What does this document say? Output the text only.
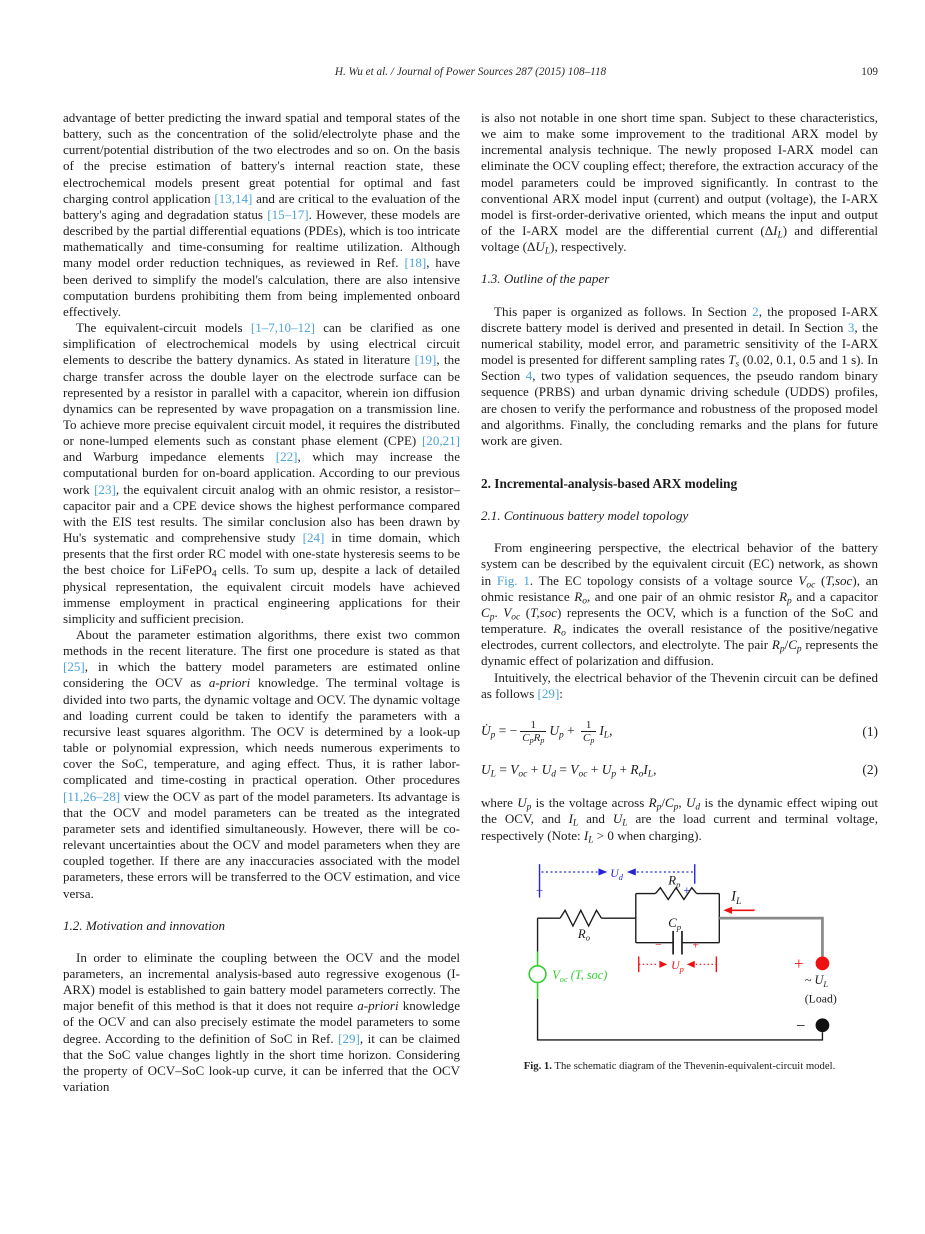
H. Wu et al. / Journal of Power Sources 287 (2015) 108–118	109

advantage of better predicting the inward spatial and temporal states of the battery, such as the concentration of the solid/electrolyte phase and the current/potential distribution of the two electrodes and so on. On the basis of the precise estimation of battery's internal reaction state, these electrochemical models present great potential for optimal and fast charging control application [13,14] and are critical to the evaluation of the battery's aging and degradation status [15–17]. However, these models are described by the partial differential equations (PDEs), which is too intricate mathematically and time-consuming for realtime utilization. Although many model order reduction techniques, as reviewed in Ref. [18], have been derived to simplify the model's calculation, there are also intensive computation burdens prohibiting them from being implemented onboard effectively.

The equivalent-circuit models [1–7,10–12] can be clarified as one simplification of electrochemical models by using electrical circuit elements to describe the battery dynamics. As stated in literature [19], the charge transfer across the double layer on the electrode surface can be represented by a resistor in parallel with a capacitor, wherein ion diffusion dynamics can be represented by wave propagation on a transmission line. To achieve more precise equivalent circuit model, it requires the distributed or none-lumped elements such as constant phase element (CPE) [20,21] and Warburg impedance elements [22], which may increase the computational burden for on-board application. According to our previous work [23], the equivalent circuit analog with an ohmic resistor, a resistor–capacitor pair and a CPE device shows the highest performance compared with the EIS test results. The similar conclusion also has been drawn by Hu's systematic and comprehensive study [24] in time domain, which presents that the first order RC model with one-state hysteresis seems to be the best choice for LiFePO4 cells. To sum up, despite a lack of detailed physical representation, the equivalent circuit models have achieved immense employment in practical engineering applications for their simplicity and sufficient precision.

About the parameter estimation algorithms, there exist two common methods in the recent literature. The first one procedure is stated as that [25], in which the battery model parameters are estimated online considering the OCV as a-priori knowledge. The terminal voltage is divided into two parts, the dynamic voltage and OCV. The dynamic voltage and loading current could be taken to identify the parameters with a recursive least squares algorithm. The OCV is determined by a look-up table or polynomial expression, which needs numerous experiments to cover the SoC, temperature, and aging effect. Thus, it is rather labor-complicated and time-costing in practical operation. Other procedures [11,26–28] view the OCV as part of the model parameters. Its advantage is that the OCV and model parameters can be treated as the integrated parameter sets and identified simultaneously. However, there will be co-relevant uncertainties about the OCV and model parameters when they are coupled together. If there are any inaccuracies associated with the model parameters, these errors will be transferred to the OCV estimation, and vice versa.

1.2. Motivation and innovation

In order to eliminate the coupling between the OCV and the model parameters, an incremental analysis-based auto regressive exogenous (I-ARX) model is established to gain battery model parameters correctly. The major benefit of this method is that it does not require a-priori knowledge of the OCV and can also precisely estimate the model parameters to some degree. According to the definition of SoC in Ref. [29], it can be claimed that the SoC value changes lightly in the short time horizon. Considering the property of OCV–SoC look-up curve, it can be inferred that the OCV variation

is also not notable in one short time span. Subject to these characteristics, we aim to make some improvement to the traditional ARX model by incremental analysis technique. The newly proposed I-ARX model can eliminate the OCV coupling effect; therefore, the extraction accuracy of the model parameters could be improved significantly. In contrast to the conventional ARX model input (current) and output (voltage), the I-ARX model is first-order-derivative oriented, which means the input and output of the I-ARX model are the differential current $(\Delta I_L)$ and differential voltage $(\Delta U_L)$, respectively.

1.3. Outline of the paper

This paper is organized as follows. In Section 2, the proposed I-ARX discrete battery model is derived and presented in detail. In Section 3, the numerical stability, model error, and parametric sensitivity of the I-ARX model is presented for different sampling rates $T_s$ (0.02, 0.1, 0.5 and 1 s). In Section 4, two types of validation sequences, the pseudo random binary sequence (PRBS) and urban dynamic driving schedule (UDDS) profiles, are chosen to verify the performance and robustness of the proposed model and algorithms. Finally, the concluding remarks and the plans for future work are given.

2. Incremental-analysis-based ARX modeling
2.1. Continuous battery model topology

From engineering perspective, the electrical behavior of the battery system can be described by the equivalent circuit (EC) network, as shown in Fig. 1. The EC topology consists of a voltage source $V_{oc}$ (T,soc), an ohmic resistance $R_o$, and one pair of an ohmic resistor $R_p$ and a capacitor $C_p$. $V_{oc}$ (T,soc) represents the OCV, which is a function of the SoC and temperature. $R_o$ indicates the overall resistance of the positive/negative electrodes, current collectors, and electrolyte. The pair $R_p/C_p$ represents the dynamic effect of polarization and diffusion.

Intuitively, the electrical behavior of the Thevenin circuit can be defined as follows [29]:

$U̇_p$ = − $\frac{1}{C_pR_p} U_p + \frac{1}{C_p} I_L$,	(1)
$U_L = V_{oc} + U_d = V_{oc} + U_p + R_oI_L$,	(2)

where $U_p$ is the voltage across $R_p/C_p$, $U_d$ is the dynamic effect wiping out the OCV, and $I_L$ and $U_L$ are the load current and terminal voltage, respectively (Note: $I_L > 0$ when charging).

$U_d$
−	+	$I_L$
$U_p$
−	+
$R_o$
$R_p$
$C_p$
$V_{oc}$ (T, soc)
+
~ $U_L$
(Load)
−
Fig. 1. The schematic diagram of the Thevenin-equivalent-circuit model.
